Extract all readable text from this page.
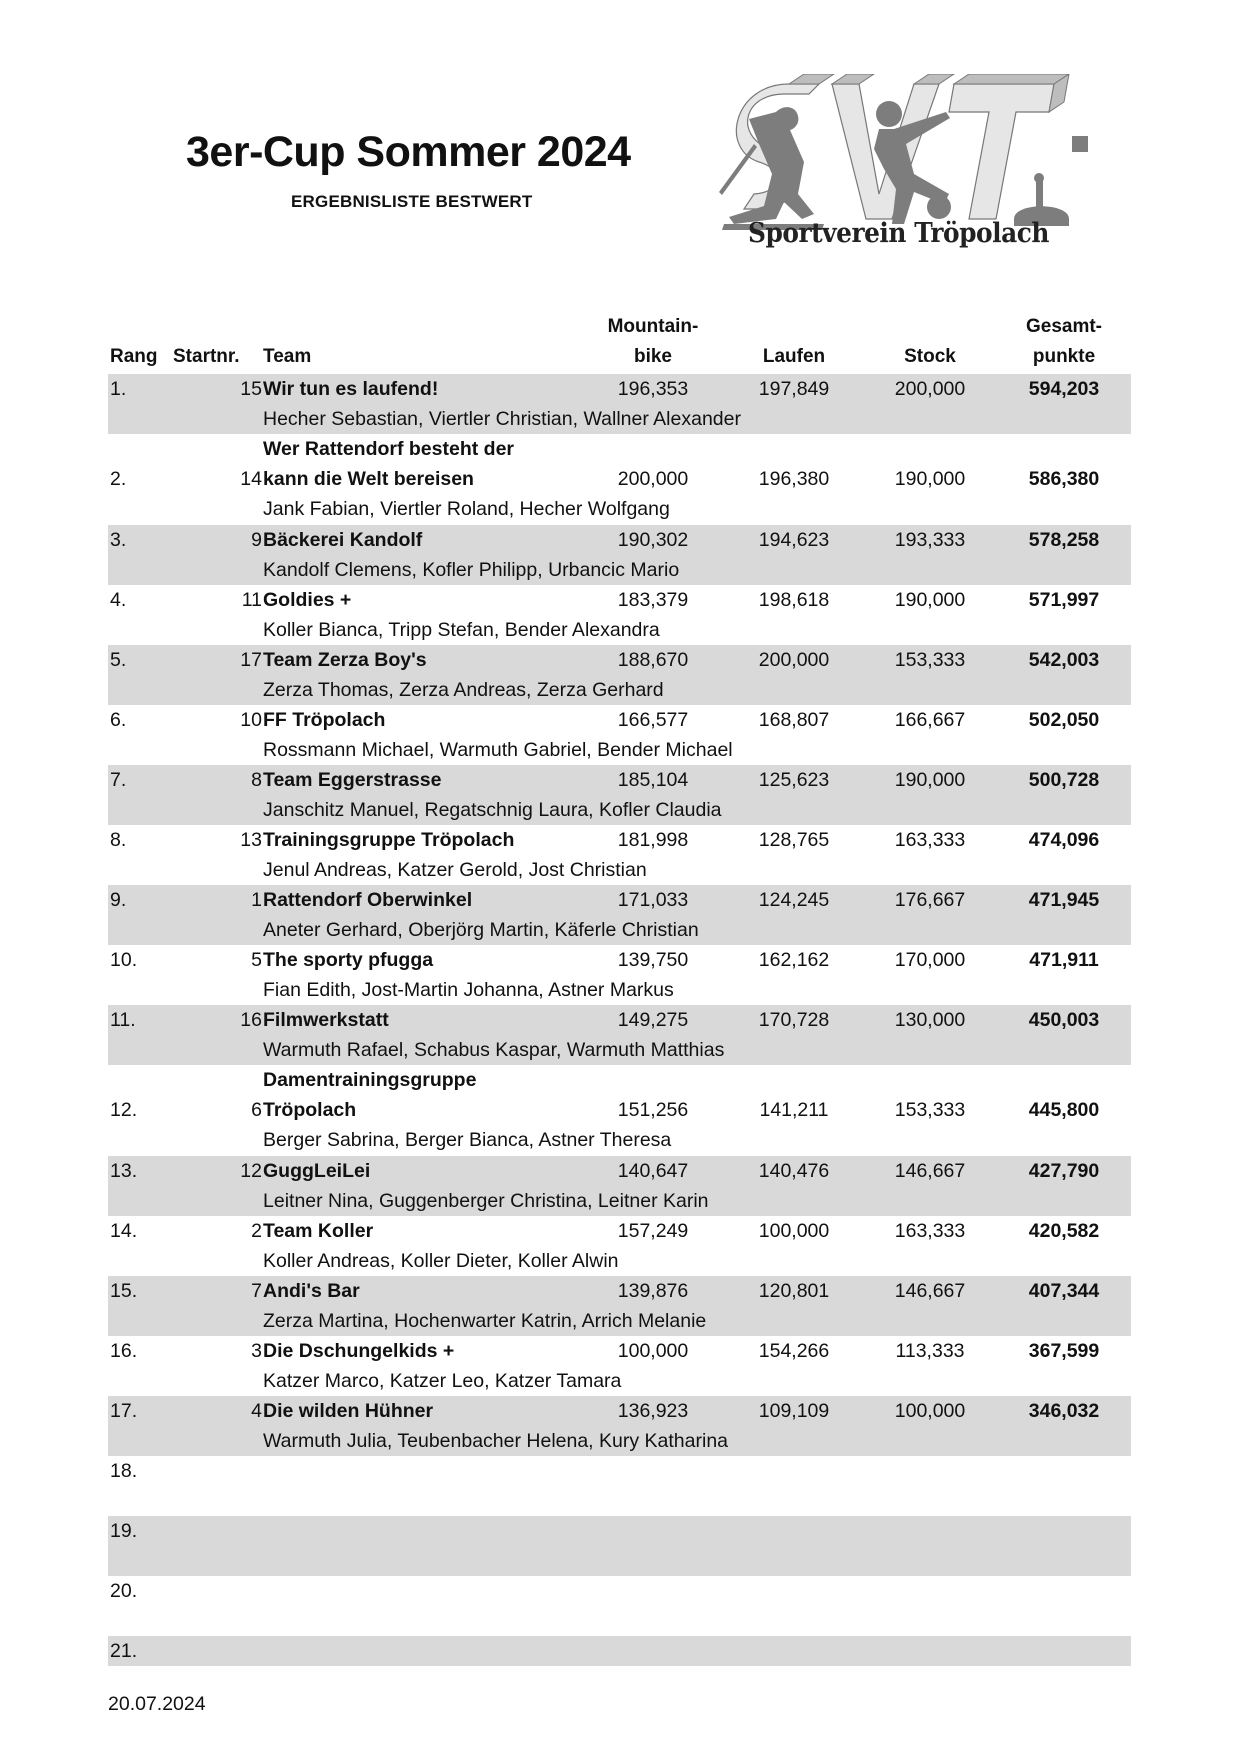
3er-Cup Sommer 2024

ERGEBNISLISTE BESTWERT

Sportverein Tröpolach
Rang Startnr. Team
Mountain-
bike	Laufen	Stock
Gesamt-
punkte
1.	15 Wir tun es laufend!	196,353	197,849	200,000	594,203
Hecher Sebastian, Viertler Christian, Wallner Alexander
2.	14
Wer Rattendorf besteht der
kann die Welt bereisen	200,000	196,380	190,000	586,380
Jank Fabian, Viertler Roland, Hecher Wolfgang
3.	9 Bäckerei Kandolf	190,302	194,623	193,333	578,258
Kandolf Clemens, Kofler Philipp, Urbancic Mario
4.	11 Goldies +	183,379	198,618	190,000	571,997
Koller Bianca, Tripp Stefan, Bender Alexandra
5.	17 Team Zerza Boy's	188,670	200,000	153,333	542,003
Zerza Thomas, Zerza Andreas, Zerza Gerhard
6.	10 FF Tröpolach	166,577	168,807	166,667	502,050
Rossmann Michael, Warmuth Gabriel, Bender Michael
7.	8 Team Eggerstrasse	185,104	125,623	190,000	500,728
Janschitz Manuel, Regatschnig Laura, Kofler Claudia
8.	13 Trainingsgruppe Tröpolach	181,998	128,765	163,333	474,096
Jenul Andreas, Katzer Gerold, Jost Christian
9.	1 Rattendorf Oberwinkel	171,033	124,245	176,667	471,945
Aneter Gerhard, Oberjörg Martin, Käferle Christian
10.	5 The sporty pfugga	139,750	162,162	170,000	471,911
Fian Edith, Jost-Martin Johanna, Astner Markus
11.	16 Filmwerkstatt	149,275	170,728	130,000	450,003
Warmuth Rafael, Schabus Kaspar, Warmuth Matthias
12.	6
Damentrainingsgruppe
Tröpolach	151,256	141,211	153,333	445,800
Berger Sabrina, Berger Bianca, Astner Theresa
13.	12 GuggLeiLei	140,647	140,476	146,667	427,790
Leitner Nina, Guggenberger Christina, Leitner Karin
14.	2 Team Koller	157,249	100,000	163,333	420,582
Koller Andreas, Koller Dieter, Koller Alwin
15.	7 Andi's Bar	139,876	120,801	146,667	407,344
Zerza Martina, Hochenwarter Katrin, Arrich Melanie
16.	3 Die Dschungelkids +	100,000	154,266	113,333	367,599
Katzer Marco, Katzer Leo, Katzer Tamara
17.	4 Die wilden Hühner	136,923	109,109	100,000	346,032
Warmuth Julia, Teubenbacher Helena, Kury Katharina
18.
19.
20.
21.
20.07.2024
